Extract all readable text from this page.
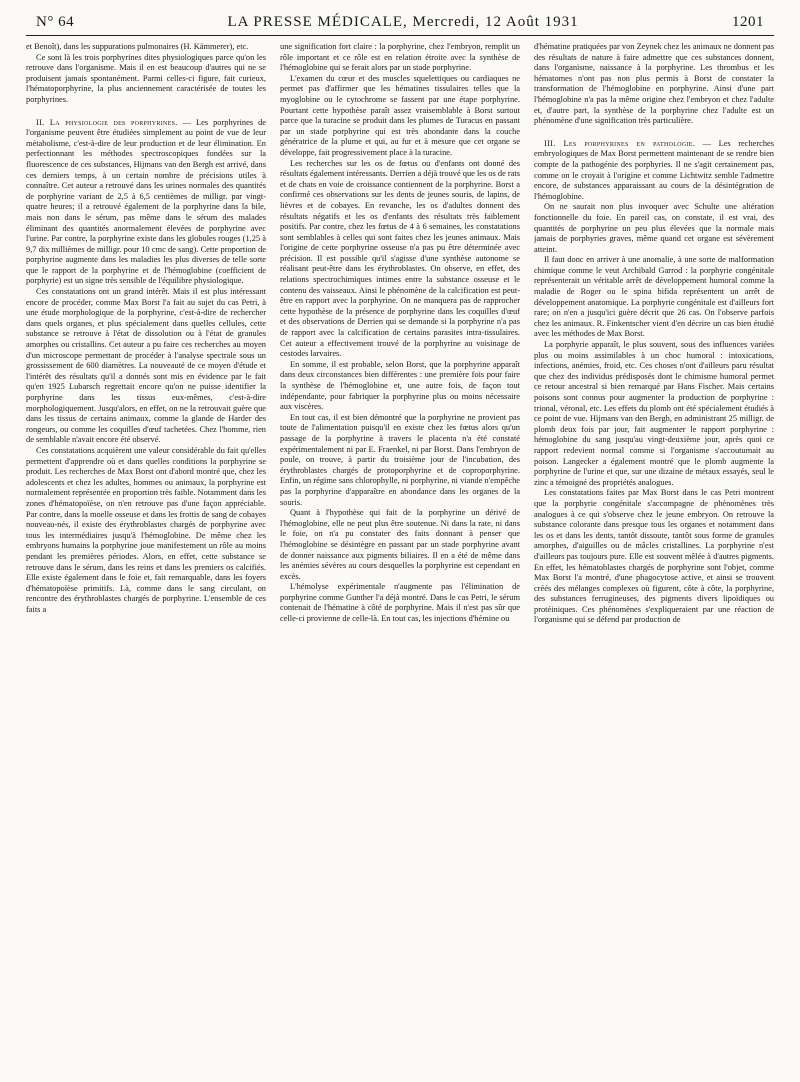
N° 64	LA PRESSE MÉDICALE, Mercredi, 12 Août 1931	1201

et Benoît), dans les suppurations pulmonaires (H. Kämmerer), etc.

Ce sont là les trois porphyrines dites physiologiques parce qu'on les retrouve dans l'organisme. Mais il en est beaucoup d'autres qui ne se produisent jamais spontanément. Parmi celles-ci figure, fait curieux, l'hématoporphyrine, la plus anciennement caractérisée de toutes les porphyrines.

II. La physiologie des porphyrines. — Les porphyrines de l'organisme peuvent être étudiées simplement au point de vue de leur métabolisme, c'est-à-dire de leur production et de leur élimination. En perfectionnant les méthodes spectroscopiques fondées sur la fluorescence de ces substances, Hijmans van den Bergh est arrivé, dans ces derniers temps, à un certain nombre de précisions utiles à connaître. Cet auteur a retrouvé dans les urines normales des quantités de porphyrine variant de 2,5 à 6,5 centièmes de milligr. par vingt-quatre heures; il a retrouvé également de la porphyrine dans la bile, mais non dans le sérum, pas même dans le sérum des malades éliminant des quantités anormalement élevées de porphyrine avec l'urine. Par contre, la porphyrine existe dans les globules rouges (1,25 à 9,7 dix millièmes de milligr. pour 10 cmc de sang). Cette proportion de porphyrine augmente dans les maladies les plus diverses de telle sorte que le rapport de la porphyrine et de l'hémoglobine (coefficient de porphyrie) est un signe très sensible de l'équilibre physiologique.

Ces constatations ont un grand intérêt. Mais il est plus intéressant encore de procéder, comme Max Borst l'a fait au sujet du cas Petri, à une étude morphologique de la porphyrine, c'est-à-dire de rechercher dans quels organes, et plus spécialement dans quelles cellules, cette substance se retrouve à l'état de dissolution ou à l'état de granules amorphes ou cristallins. Cet auteur a pu faire ces recherches au moyen d'un microscope permettant de procéder à l'analyse spectrale sous un grossissement de 600 diamètres. La nouveauté de ce moyen d'étude et l'intérêt des résultats qu'il a donnés sont mis en évidence par le fait qu'en 1925 Lubarsch regrettait encore qu'on ne puisse identifier la porphyrine dans les tissus eux-mêmes, c'est-à-dire morphologiquement. Jusqu'alors, en effet, on ne la retrouvait guère que dans les tissus de certains animaux, comme la glande de Harder des rongeurs, ou comme les coquilles d'œuf tachetées. Chez l'homme, rien de semblable n'avait encore été observé.

Ces constatations acquièrent une valeur considérable du fait qu'elles permettent d'apprendre où et dans quelles conditions la porphyrine se produit. Les recherches de Max Borst ont d'abord montré que, chez les adolescents et chez les adultes, hommes ou animaux, la porphyrine est normalement représentée en proportion très faible. Notamment dans les zones d'hématopoïèse, on n'en retrouve pas d'une façon appréciable. Par contre, dans la moelle osseuse et dans les frottis de sang de cobayes nouveau-nés, il existe des érythroblastes chargés de porphyrine avec tous les intermédiaires jusqu'à l'hémoglobine. De même chez les embryons humains la porphyrine joue manifestement un rôle au moins pendant les premières périodes. Alors, en effet, cette substance se retrouve dans le sérum, dans les reins et dans les premiers os calcifiés. Elle existe également dans le foie et, fait remarquable, dans les foyers d'hématopoïèse primitifs. Là, comme dans le sang circulant, on rencontre des érythroblastes chargés de porphyrine. L'ensemble de ces faits a

une signification fort claire : la porphyrine, chez l'embryon, remplit un rôle important et ce rôle est en relation étroite avec la synthèse de l'hémoglobine qui se ferait alors par un stade porphyrine.

L'examen du cœur et des muscles squelettiques ou cardiaques ne permet pas d'affirmer que les hématines tissulaires telles que la myoglobine ou le cytochrome se fassent par une étape porphyrine. Pourtant cette hypothèse paraît assez vraisemblable à Borst surtout parce que la turacine se produit dans les plumes de Turacus en passant par un stade porphyrine qui est très abondante dans la couche génératrice de la plume et qui, au fur et à mesure que cet organe se développe, fait progressivement place à la turacine.

Les recherches sur les os de fœtus ou d'enfants ont donné des résultats également intéressants. Derrien a déjà trouvé que les os de rats et de chats en voie de croissance contiennent de la porphyrine. Borst a confirmé ces observations sur les dents de jeunes souris, de lapins, de lièvres et de cobayes. En revanche, les os d'adultes donnent des résultats négatifs et les os d'enfants des résultats très faiblement positifs. Par contre, chez les fœtus de 4 à 6 semaines, les constatations sont semblables à celles qui sont faites chez les jeunes animaux. Mais l'origine de cette porphyrine osseuse n'a pas pu être déterminée avec précision. Il est possible qu'il s'agisse d'une synthèse autonome se réalisant peut-être dans les érythroblastes. On observe, en effet, des relations spectrochimiques intimes entre la substance osseuse et le contenu des vaisseaux. Ainsi le phénomène de la calcification est peut-être en rapport avec la porphyrine. On ne manquera pas de rapprocher cette hypothèse de la présence de porphyrine dans les coquilles d'œuf et des observations de Derrien qui se demande si la porphyrine n'a pas de rapport avec la calcification de certains parasites intra-tissulaires. Cet auteur a effectivement trouvé de la porphyrine au voisinage de cestodes larvaires.

En somme, il est probable, selon Borst, que la porphyrine apparaît dans deux circonstances bien différentes : une première fois pour faire la synthèse de l'hémoglobine et, une autre fois, de façon tout indépendante, pour fabriquer la porphyrine plus ou moins nécessaire aux viscères.

En tout cas, il est bien démontré que la porphyrine ne provient pas toute de l'alimentation puisqu'il en existe chez les fœtus alors qu'un passage de la porphyrine à travers le placenta n'a été constaté expérimentalement ni par E. Fraenkel, ni par Borst. Dans l'embryon de poule, on trouve, à partir du troisième jour de l'incubation, des érythroblastes chargés de protoporphyrine et de coproporphyrine. Enfin, un régime sans chlorophylle, ni porphyrine, ni viande n'empêche pas la porphyrine d'apparaître en abondance dans les organes de la souris.

Quant à l'hypothèse qui fait de la porphyrine un dérivé de l'hémoglobine, elle ne peut plus être soutenue. Ni dans la rate, ni dans le foie, on n'a pu constater des faits donnant à penser que l'hémoglobine se désintègre en passant par un stade porphyrine avant de donner naissance aux pigments biliaires. Il en a été de même dans les anémies sévères au cours desquelles la porphyrine est cependant en excès.

L'hémolyse expérimentale n'augmente pas l'élimination de porphyrine comme Gunther l'a déjà montré. Dans le cas Petri, le sérum contenait de l'hématine à côté de porphyrine. Mais il n'est pas sûr que celle-ci provienne de celle-là. En tout cas, les injections d'hémine ou

d'hématine pratiquées par von Zeynek chez les animaux ne donnent pas des résultats de nature à faire admettre que ces substances donnent, dans l'organisme, naissance à la porphyrine. Les thrombus et les hématomes n'ont pas non plus permis à Borst de constater la transformation de l'hémoglobine en porphyrine. Ainsi d'une part l'hémoglobine n'a pas la même origine chez l'embryon et chez l'adulte et, d'autre part, la synthèse de la porphyrine chez l'adulte est un phénomène d'une signification très particulière.

III. Les porphyrines en pathologie. — Les recherches embryologiques de Max Borst permettent maintenant de se rendre bien compte de la pathogénie des porphyries. Il ne s'agit certainement pas, comme on le croyait à l'origine et comme Lichtwitz semble l'admettre encore, de substances apparaissant au cours de la désintégration de l'hémoglobine.

On ne saurait non plus invoquer avec Schulte une altération fonctionnelle du foie. En pareil cas, on constate, il est vrai, des quantités de porphyrine un peu plus élevées que la normale mais jamais de porphyries graves, même quand cet organe est sévèrement atteint.

Il faut donc en arriver à une anomalie, à une sorte de malformation chimique comme le veut Archibald Garrod : la porphyrie congénitale représenterait un véritable arrêt de développement humoral comme la maladie de Roger ou le spina bifida représentent un arrêt de développement anatomique. La porphyrie congénitale est d'ailleurs fort rare; on n'en a jusqu'ici guère décrit que 26 cas. On l'observe parfois chez les animaux. R. Finkentscher vient d'en décrire un cas bien étudié avec les méthodes de Max Borst.

La porphyrie apparaît, le plus souvent, sous des influences variées plus ou moins assimilables à un choc humoral : intoxications, infections, anémies, froid, etc. Ces choses n'ont d'ailleurs paru résultat que chez des individus prédisposés dont le chimisme humoral permet ce retour ancestral si bien remarqué par Hans Fischer. Mais certains poisons sont connus pour augmenter la production de porphyrine : trional, véronal, etc. Les effets du plomb ont été spécialement étudiés à ce point de vue. Hijmans van den Bergh, en administrant 25 milligr. de plomb deux fois par jour, fait augmenter le rapport porphyrine : hémoglobine du sang jusqu'au vingt-deuxième jour, après quoi ce rapport redevient normal comme si l'organisme s'accoutumait au poison. Langecker a également montré que le plomb augmente la porphyrine de l'urine et que, sur une dizaine de métaux essayés, seul le zinc a témoigné des propriétés analogues.

Les constatations faites par Max Borst dans le cas Petri montrent que la porphyrie congénitale s'accompagne de phénomènes très analogues à ce qui s'observe chez le jeune embryon. On retrouve la substance colorante dans presque tous les organes et notamment dans les os et dans les dents, tantôt dissoute, tantôt sous forme de granules amorphes, d'aiguilles ou de mâcles cristallines. La porphyrine n'est d'ailleurs pas toujours pure. Elle est souvent mêlée à d'autres pigments. En effet, les hématoblastes chargés de porphyrine sont l'objet, comme Max Borst l'a montré, d'une phagocytose active, et ainsi se trouvent créés des mélanges complexes où figurent, côte à côte, la porphyrine, des substances ferrugineuses, des pigments divers lipoïdiques ou protéiniques. Ces phénomènes s'expliqueraient par une réaction de l'organisme qui se défend par production de
